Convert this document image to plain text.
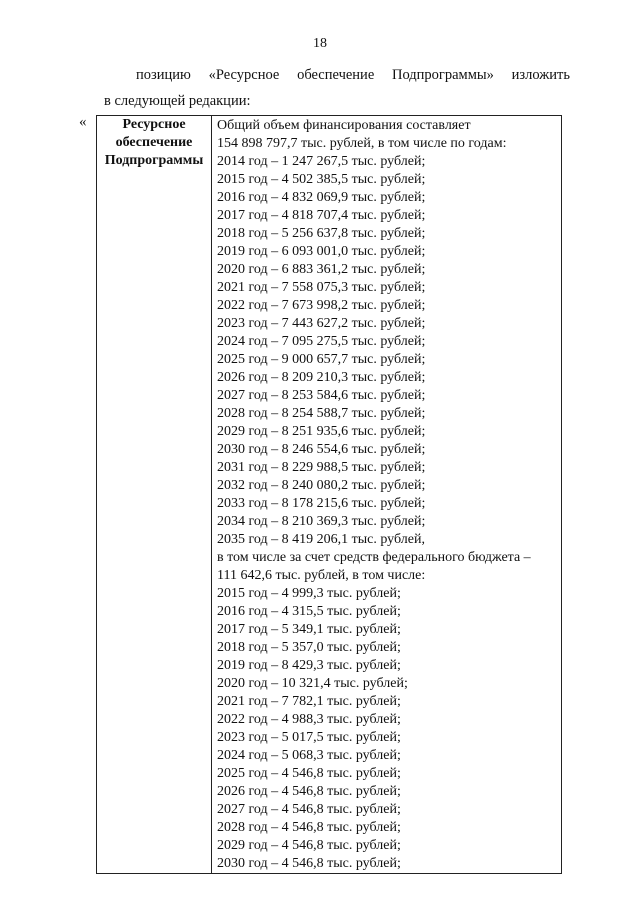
18
позицию «Ресурсное обеспечение Подпрограммы» изложить
в следующей редакции:
«	Ресурсное
обеспечение
Подпрограммы

Общий объем финансирования составляет
154 898 797,7 тыс. рублей, в том числе по годам:
2014 год – 1 247 267,5 тыс. рублей;
2015 год – 4 502 385,5 тыс. рублей;
2016 год – 4 832 069,9 тыс. рублей;
2017 год – 4 818 707,4 тыс. рублей;
2018 год – 5 256 637,8 тыс. рублей;
2019 год – 6 093 001,0 тыс. рублей;
2020 год – 6 883 361,2 тыс. рублей;
2021 год – 7 558 075,3 тыс. рублей;
2022 год – 7 673 998,2 тыс. рублей;
2023 год – 7 443 627,2 тыс. рублей;
2024 год – 7 095 275,5 тыс. рублей;
2025 год – 9 000 657,7 тыс. рублей;
2026 год – 8 209 210,3 тыс. рублей;
2027 год – 8 253 584,6 тыс. рублей;
2028 год – 8 254 588,7 тыс. рублей;
2029 год – 8 251 935,6 тыс. рублей;
2030 год – 8 246 554,6 тыс. рублей;
2031 год – 8 229 988,5 тыс. рублей;
2032 год – 8 240 080,2 тыс. рублей;
2033 год – 8 178 215,6 тыс. рублей;
2034 год – 8 210 369,3 тыс. рублей;
2035 год – 8 419 206,1 тыс. рублей,
в том числе за счет средств федерального бюджета –
111 642,6 тыс. рублей, в том числе:
2015 год – 4 999,3 тыс. рублей;
2016 год – 4 315,5 тыс. рублей;
2017 год – 5 349,1 тыс. рублей;
2018 год – 5 357,0 тыс. рублей;
2019 год – 8 429,3 тыс. рублей;
2020 год – 10 321,4 тыс. рублей;
2021 год – 7 782,1 тыс. рублей;
2022 год – 4 988,3 тыс. рублей;
2023 год – 5 017,5 тыс. рублей;
2024 год – 5 068,3 тыс. рублей;
2025 год – 4 546,8 тыс. рублей;
2026 год – 4 546,8 тыс. рублей;
2027 год – 4 546,8 тыс. рублей;
2028 год – 4 546,8 тыс. рублей;
2029 год – 4 546,8 тыс. рублей;
2030 год – 4 546,8 тыс. рублей;
